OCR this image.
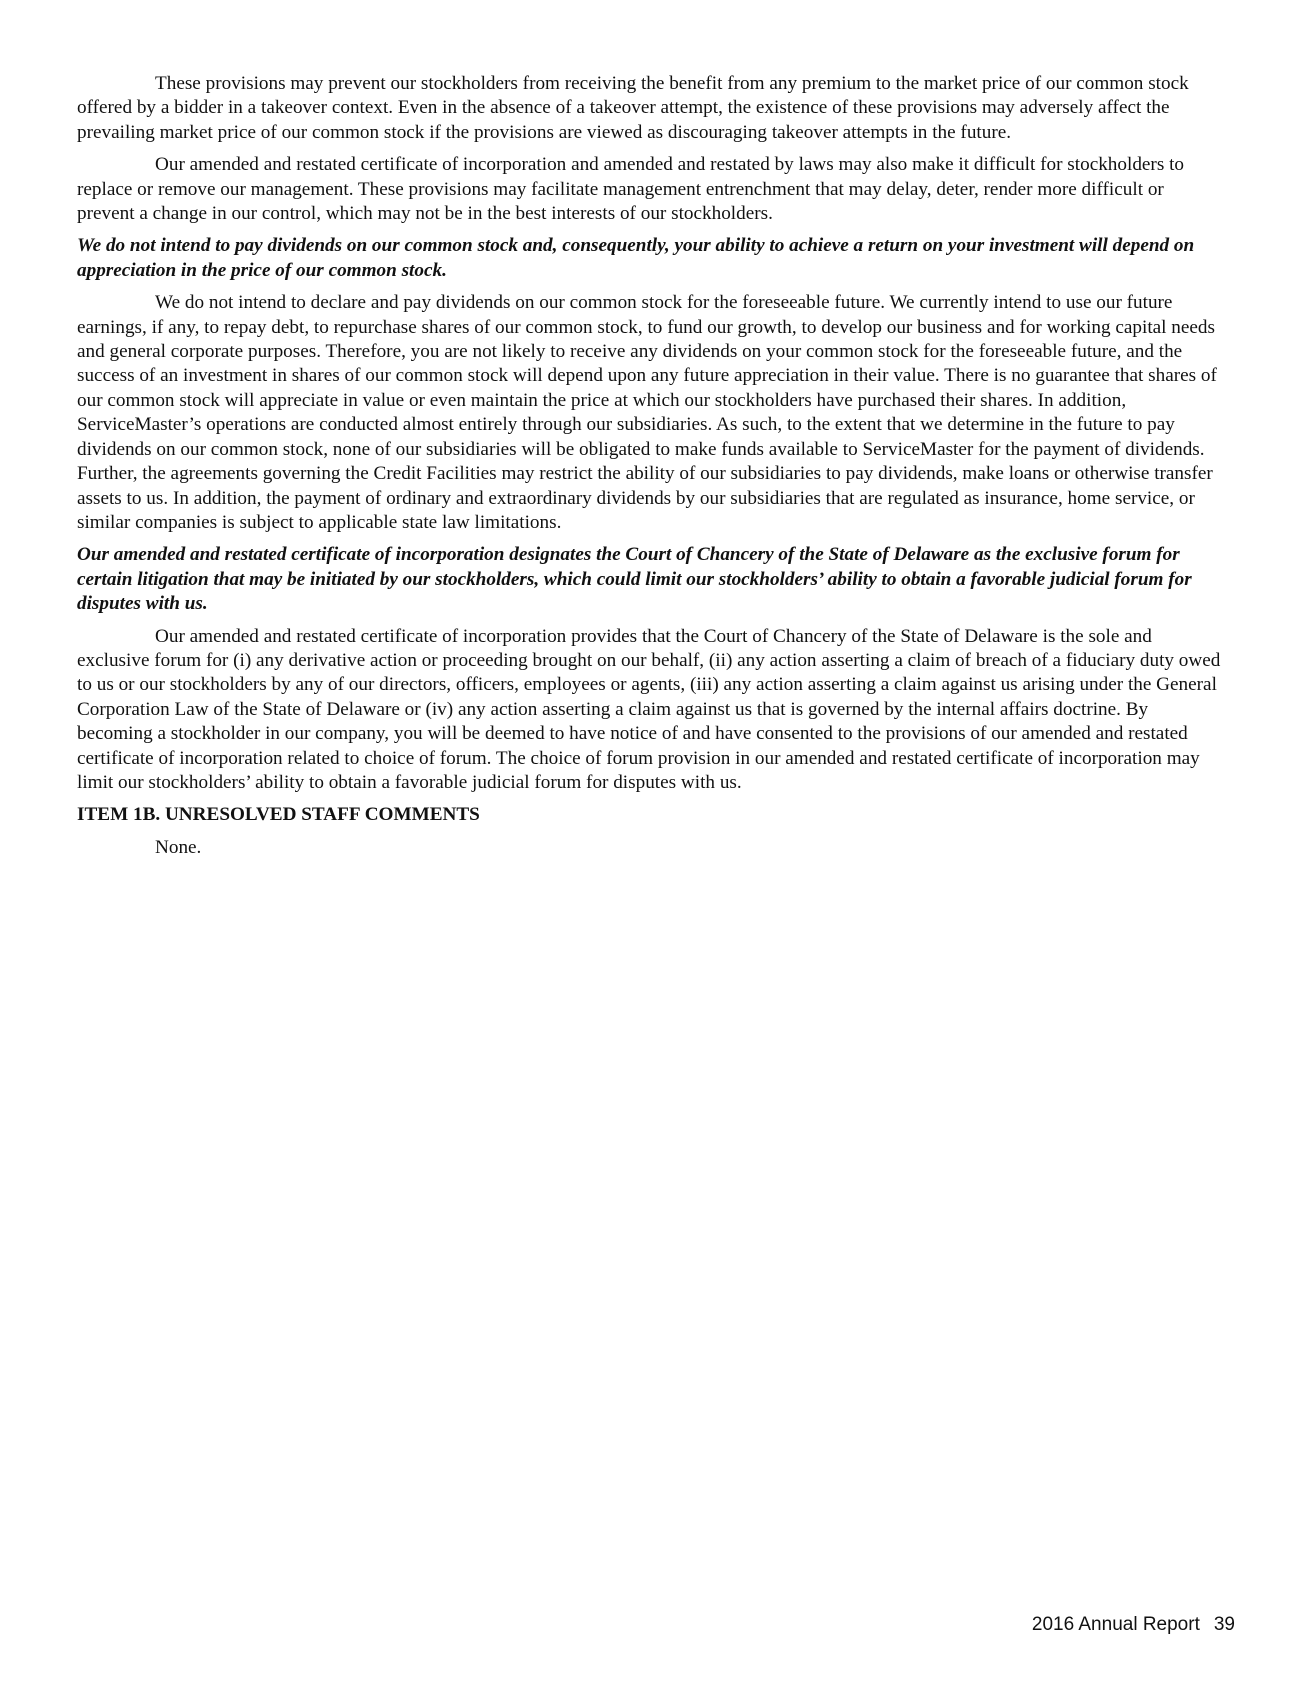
These provisions may prevent our stockholders from receiving the benefit from any premium to the market price of our common stock offered by a bidder in a takeover context. Even in the absence of a takeover attempt, the existence of these provisions may adversely affect the prevailing market price of our common stock if the provisions are viewed as discouraging takeover attempts in the future.

Our amended and restated certificate of incorporation and amended and restated by laws may also make it difficult for stockholders to replace or remove our management. These provisions may facilitate management entrenchment that may delay, deter, render more difficult or prevent a change in our control, which may not be in the best interests of our stockholders.

We do not intend to pay dividends on our common stock and, consequently, your ability to achieve a return on your investment will depend on appreciation in the price of our common stock.

We do not intend to declare and pay dividends on our common stock for the foreseeable future. We currently intend to use our future earnings, if any, to repay debt, to repurchase shares of our common stock, to fund our growth, to develop our business and for working capital needs and general corporate purposes. Therefore, you are not likely to receive any dividends on your common stock for the foreseeable future, and the success of an investment in shares of our common stock will depend upon any future appreciation in their value. There is no guarantee that shares of our common stock will appreciate in value or even maintain the price at which our stockholders have purchased their shares. In addition, ServiceMaster’s operations are conducted almost entirely through our subsidiaries. As such, to the extent that we determine in the future to pay dividends on our common stock, none of our subsidiaries will be obligated to make funds available to ServiceMaster for the payment of dividends. Further, the agreements governing the Credit Facilities may restrict the ability of our subsidiaries to pay dividends, make loans or otherwise transfer assets to us. In addition, the payment of ordinary and extraordinary dividends by our subsidiaries that are regulated as insurance, home service, or similar companies is subject to applicable state law limitations.

Our amended and restated certificate of incorporation designates the Court of Chancery of the State of Delaware as the exclusive forum for certain litigation that may be initiated by our stockholders, which could limit our stockholders’ ability to obtain a favorable judicial forum for disputes with us.

Our amended and restated certificate of incorporation provides that the Court of Chancery of the State of Delaware is the sole and exclusive forum for (i) any derivative action or proceeding brought on our behalf, (ii) any action asserting a claim of breach of a fiduciary duty owed to us or our stockholders by any of our directors, officers, employees or agents, (iii) any action asserting a claim against us arising under the General Corporation Law of the State of Delaware or (iv) any action asserting a claim against us that is governed by the internal affairs doctrine. By becoming a stockholder in our company, you will be deemed to have notice of and have consented to the provisions of our amended and restated certificate of incorporation related to choice of forum. The choice of forum provision in our amended and restated certificate of incorporation may limit our stockholders’ ability to obtain a favorable judicial forum for disputes with us.

ITEM 1B. UNRESOLVED STAFF COMMENTS

None.

2016 Annual Report 39
